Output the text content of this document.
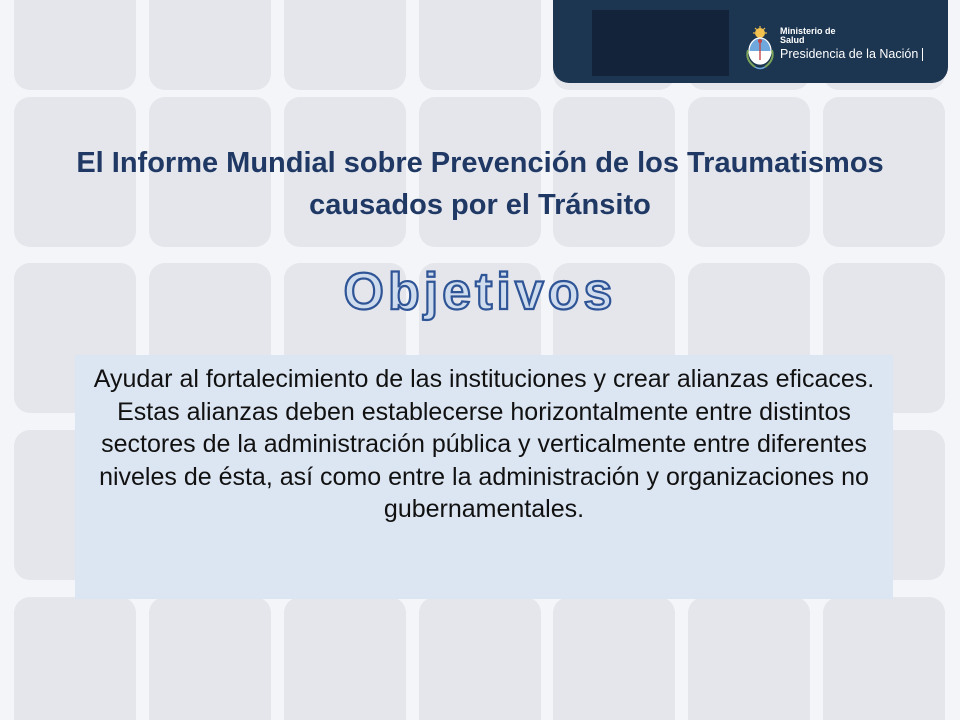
Ministerio de
Salud
Presidencia de la Nación
El Informe Mundial sobre Prevención de los Traumatismos causados por el Tránsito
Objetivos

Ayudar al fortalecimiento de las instituciones y crear alianzas eficaces. Estas alianzas deben establecerse horizontalmente entre distintos sectores de la administración pública y verticalmente entre diferentes niveles de ésta, así como entre la administración y organizaciones no gubernamentales.
